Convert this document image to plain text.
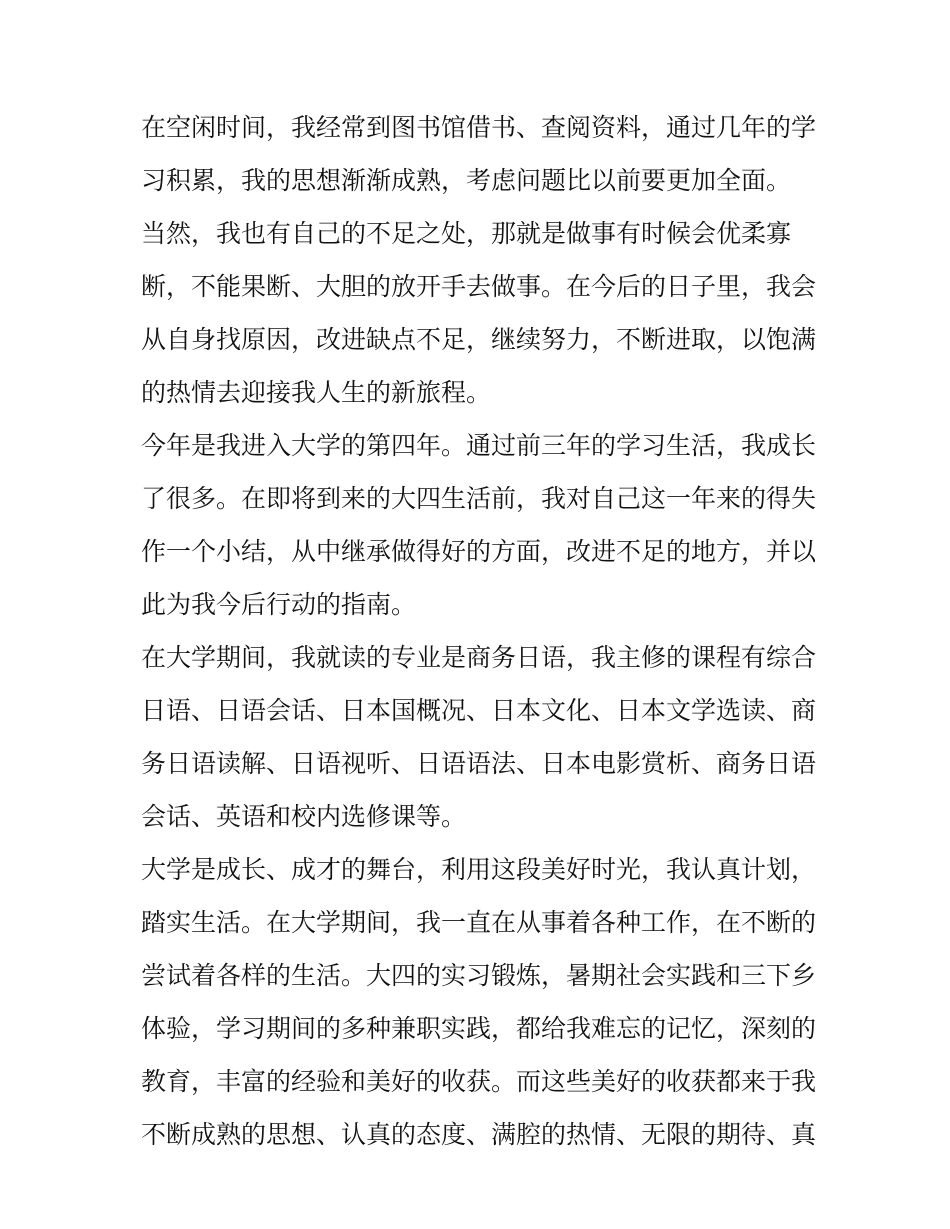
在空闲时间，我经常到图书馆借书、查阅资料，通过几年的学
习积累，我的思想渐渐成熟，考虑问题比以前要更加全面。
当然，我也有自己的不足之处，那就是做事有时候会优柔寡
断，不能果断、大胆的放开手去做事。在今后的日子里，我会
从自身找原因，改进缺点不足，继续努力，不断进取，以饱满
的热情去迎接我人生的新旅程。
今年是我进入大学的第四年。通过前三年的学习生活，我成长
了很多。在即将到来的大四生活前，我对自己这一年来的得失
作一个小结，从中继承做得好的方面，改进不足的地方，并以
此为我今后行动的指南。
在大学期间，我就读的专业是商务日语，我主修的课程有综合
日语、日语会话、日本国概况、日本文化、日本文学选读、商
务日语读解、日语视听、日语语法、日本电影赏析、商务日语
会话、英语和校内选修课等。
大学是成长、成才的舞台，利用这段美好时光，我认真计划，
踏实生活。在大学期间，我一直在从事着各种工作，在不断的
尝试着各样的生活。大四的实习锻炼，暑期社会实践和三下乡
体验，学习期间的多种兼职实践，都给我难忘的记忆，深刻的
教育，丰富的经验和美好的收获。而这些美好的收获都来于我
不断成熟的思想、认真的态度、满腔的热情、无限的期待、真
